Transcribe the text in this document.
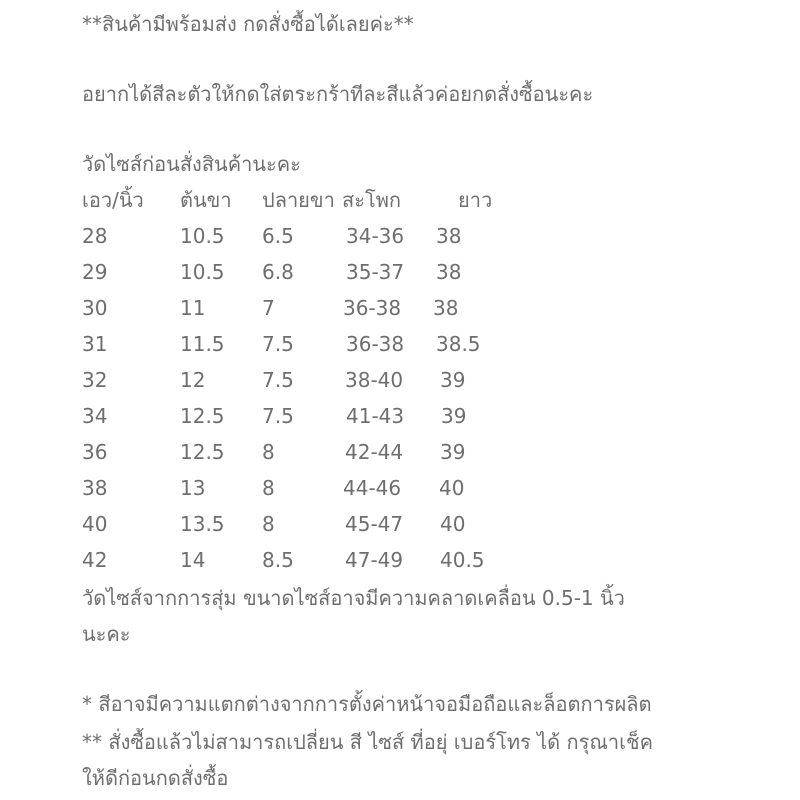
**สินค้ามีพร้อมส่ง กดสั่งซื้อได้เลยค่ะ**
อยากได้สีละตัวให้กดใส่ตระกร้าทีละสีแล้วค่อยกดสั่งซื้อนะคะ
วัดไซส์ก่อนสั่งสินค้านะคะ
เอว/นิ้ว ต้นขา ปลายขา สะโพก	ยาว
28	10.5 6.5	34-36 38
29	10.5 6.8	35-37 38
30	11	7	36-38 38
31	11.5 7.5	36-38 38.5
32	12	7.5	38-40 39
34	12.5 7.5	41-43 39
36	12.5 8	42-44 39
38	13	8	44-46 40
40	13.5 8	45-47 40
42	14	8.5	47-49 40.5
วัดไซส์จากการสุ่ม ขนาดไซส์อาจมีความคลาดเคลื่อน 0.5-1 นิ้ว
นะคะ
* สีอาจมีความแตกต่างจากการตั้งค่าหน้าจอมือถือและล็อตการผลิต
** สั่งซื้อแล้วไม่สามารถเปลี่ยน สี ไซส์ ที่อยุ่ เบอร์โทร ได้ กรุณาเช็ค
ให้ดีก่อนกดสั่งซื้อ
